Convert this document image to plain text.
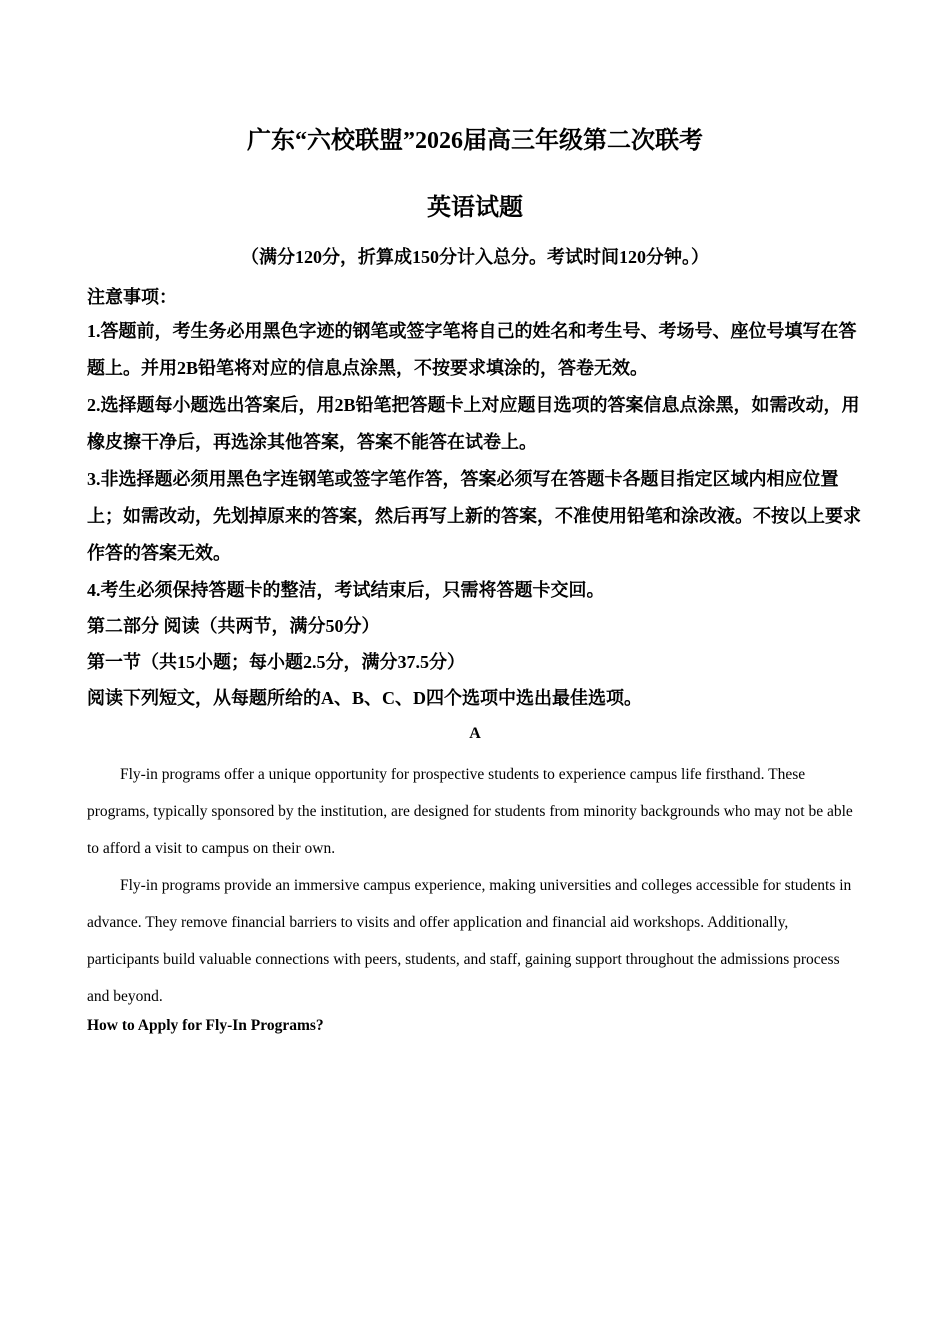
广东“六校联盟”2026届高三年级第二次联考
英语试题
（满分120分，折算成150分计入总分。考试时间120分钟。）
注意事项：

1.答题前，考生务必用黑色字迹的钢笔或签字笔将自己的姓名和考生号、考场号、座位号填写在答题上。并用2B铅笔将对应的信息点涂黑，不按要求填涂的，答卷无效。

2.选择题每小题选出答案后，用2B铅笔把答题卡上对应题目选项的答案信息点涂黑，如需改动，用橡皮擦干净后，再选涂其他答案，答案不能答在试卷上。

3.非选择题必须用黑色字连钢笔或签字笔作答，答案必须写在答题卡各题目指定区域内相应位置上；如需改动，先划掉原来的答案，然后再写上新的答案，不准使用铅笔和涂改液。不按以上要求作答的答案无效。

4.考生必须保持答题卡的整洁，考试结束后，只需将答题卡交回。

第二部分 阅读（共两节，满分50分）

第一节（共15小题；每小题2.5分，满分37.5分）

阅读下列短文，从每题所给的A、B、C、D四个选项中选出最佳选项。

A

Fly-in programs offer a unique opportunity for prospective students to experience campus life firsthand. These programs, typically sponsored by the institution, are designed for students from minority backgrounds who may not be able to afford a visit to campus on their own.

Fly-in programs provide an immersive campus experience, making universities and colleges accessible for students in advance. They remove financial barriers to visits and offer application and financial aid workshops. Additionally, participants build valuable connections with peers, students, and staff, gaining support throughout the admissions process and beyond.

How to Apply for Fly-In Programs?
